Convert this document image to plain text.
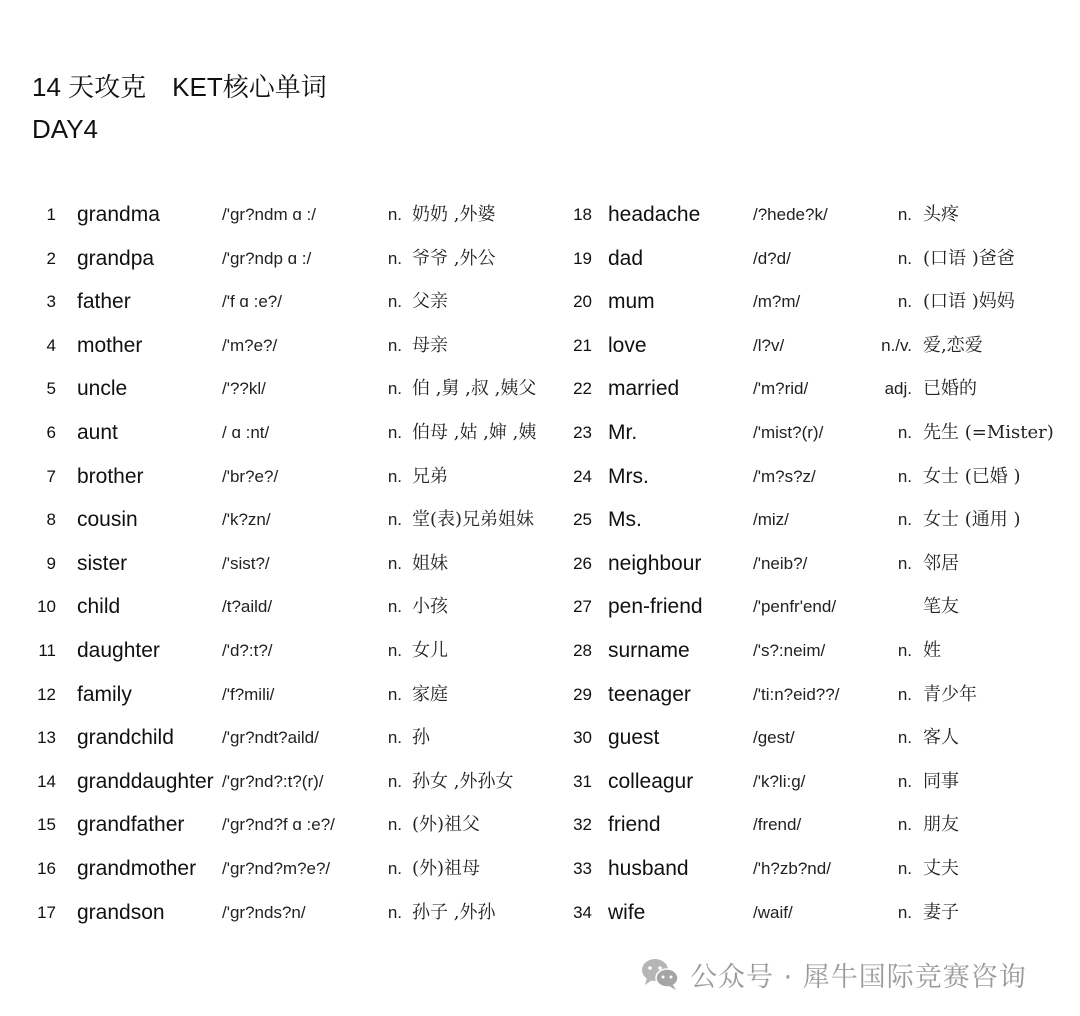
14 天攻克　KET核心单词
DAY4
1 grandma	/'gr?ndm ɑ :/	n. 奶奶 ,外婆
2 grandpa	/'gr?ndp ɑ :/	n. 爷爷 ,外公
3 father	/'f ɑ :e?/	n. 父亲
4 mother	/'m?e?/	n. 母亲
5 uncle	/'??kl/	n. 伯 ,舅 ,叔 ,姨父
6 aunt	/ ɑ :nt/	n. 伯母 ,姑 ,婶 ,姨
7 brother	/'br?e?/	n. 兄弟
8 cousin	/'k?zn/	n. 堂(表)兄弟姐妹
9 sister	/'sist?/	n. 姐妹
10 child	/t?aild/	n. 小孩
11 daughter	/'d?:t?/	n. 女儿
12 family	/'f?mili/	n. 家庭
13 grandchild	/'gr?ndt?aild/	n. 孙
14 granddaughter /'gr?nd?:t?(r)/	n. 孙女 ,外孙女
15 grandfather /'gr?nd?f ɑ :e?/	n. (外)祖父
16 grandmother /'gr?nd?m?e?/	n. (外)祖母
17 grandson	/'gr?nds?n/	n. 孙子 ,外孙
18 headache	/?hede?k/	n. 头疼
19 dad	/d?d/	n. (口语 )爸爸
20 mum	/m?m/	n. (口语 )妈妈
21 love	/l?v/	n./v. 爱,恋爱
22 married	/'m?rid/	adj. 已婚的
23 Mr.	/'mist?(r)/	n. 先生 (=Mister)
24 Mrs.	/'m?s?z/	n. 女士 (已婚 )
25 Ms.	/miz/	n. 女士 (通用 )
26 neighbour	/'neib?/	n. 邻居
27 pen-friend	/'penfr'end/	笔友
28 surname	/'s?:neim/	n. 姓
29 teenager	/'ti:n?eid??/	n. 青少年
30 guest	/gest/	n. 客人
31 colleagur	/'k?li:g/	n. 同事
32 friend	/frend/	n. 朋友
33 husband	/'h?zb?nd/	n. 丈夫
34 wife	/waif/	n. 妻子
公众号 · 犀牛国际竞赛咨询
